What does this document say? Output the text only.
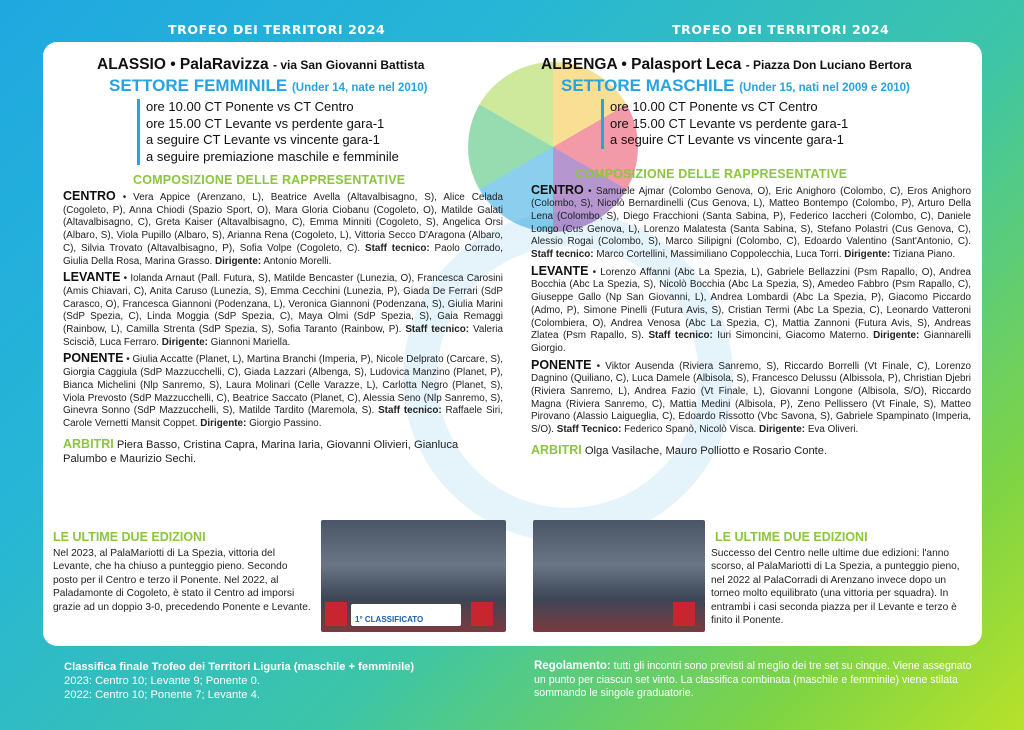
TROFEO DEI TERRITORI 2024	TROFEO DEI TERRITORI 2024
ALASSIO • PalaRavizza - via San Giovanni Battista
SETTORE FEMMINILE (Under 14, nate nel 2010)
ore 10.00 CT Ponente vs CT Centro
ore 15.00 CT Levante vs perdente gara-1
a seguire CT Levante vs vincente gara-1
a seguire premiazione maschile e femminile
COMPOSIZIONE DELLE RAPPRESENTATIVE
CENTRO • Vera Appice (Arenzano, L), Beatrice Avella (Altavalbisagno, S), Alice Celada (Cogoleto, P), Anna Chiodi (Spazio Sport, O), Mara Gloria Ciobanu (Cogoleto, O), Matilde Galati (Altavalbisagno, C), Greta Kaiser (Altavalbisagno, C), Emma Minniti (Cogoleto, S), Angelica Orsi (Albaro, S), Viola Pupillo (Albaro, S), Arianna Rena (Cogoleto, L), Vittoria Secco D'Aragona (Albaro, C), Silvia Trovato (Altavalbisagno, P), Sofia Volpe (Cogoleto, C). Staff tecnico: Paolo Corrado, Giulia Della Rosa, Marina Grasso. Dirigente: Antonio Morelli.
LEVANTE • Iolanda Arnaut (Pall. Futura, S), Matilde Bencaster (Lunezia, O), Francesca Carosini (Amis Chiavari, C), Anita Caruso (Lunezia, S), Emma Cecchini (Lunezia, P), Giada De Ferrari (SdP Carasco, O), Francesca Giannoni (Podenzana, L), Veronica Giannoni (Podenzana, S), Giulia Marini (SdP Spezia, C), Linda Moggia (SdP Spezia, C), Maya Olmi (SdP Spezia, S), Gaia Remaggi (Rainbow, L), Camilla Strenta (SdP Spezia, S), Sofia Taranto (Rainbow, P). Staff tecnico: Valeria Sciscið, Luca Ferraro. Dirigente: Giannoni Mariella.
PONENTE • Giulia Accatte (Planet, L), Martina Branchi (Imperia, P), Nicole Delprato (Carcare, S), Giorgia Caggiula (SdP Mazzucchelli, C), Giada Lazzari (Albenga, S), Ludovica Manzino (Planet, P), Bianca Michelini (Nlp Sanremo, S), Laura Molinari (Celle Varazze, L), Carlotta Negro (Planet, S), Viola Prevosto (SdP Mazzucchelli, C), Beatrice Saccato (Planet, C), Alessia Seno (Nlp Sanremo, S), Ginevra Sonno (SdP Mazzucchelli, S), Matilde Tardito (Maremola, S). Staff tecnico: Raffaele Siri, Carole Vernetti Mansit Coppet. Dirigente: Giorgio Passino.
ARBITRI Piera Basso, Cristina Capra, Marina Iaria, Giovanni Olivieri, Gianluca Palumbo e Maurizio Sechi.
ALBENGA • Palasport Leca - Piazza Don Luciano Bertora
SETTORE MASCHILE (Under 15, nati nel 2009 e 2010)
ore 10.00 CT Ponente vs CT Centro
ore 15.00 CT Levante vs perdente gara-1
a seguire CT Levante vs vincente gara-1
COMPOSIZIONE DELLE RAPPRESENTATIVE
CENTRO • Samuele Ajmar (Colombo Genova, O), Eric Anighoro (Colombo, C), Eros Anighoro (Colombo, S), Nicolò Bernardinelli (Cus Genova, L), Matteo Bontempo (Colombo, P), Arturo Della Lena (Colombo, S), Diego Fracchioni (Santa Sabina, P), Federico Iaccheri (Colombo, C), Daniele Longo (Cus Genova, L), Lorenzo Malatesta (Santa Sabina, S), Stefano Polastri (Cus Genova, C), Alessio Rogai (Colombo, S), Marco Silipigni (Colombo, C), Edoardo Valentino (Sant'Antonio, C). Staff tecnico: Marco Cortellini, Massimiliano Coppolecchia, Luca Torri. Dirigente: Tiziana Piano.
LEVANTE • Lorenzo Affanni (Abc La Spezia, L), Gabriele Bellazzini (Psm Rapallo, O), Andrea Bocchia (Abc La Spezia, S), Nicolò Bocchia (Abc La Spezia, S), Amedeo Fabbro (Psm Rapallo, C), Giuseppe Gallo (Np San Giovanni, L), Andrea Lombardi (Abc La Spezia, P), Giacomo Piccardo (Admo, P), Simone Pinelli (Futura Avis, S), Cristian Termi (Abc La Spezia, C), Leonardo Vatteroni (Colombiera, O), Andrea Venosa (Abc La Spezia, C), Mattia Zannoni (Futura Avis, S), Andreas Zlatea (Psm Rapallo, S). Staff tecnico: Iuri Simoncini, Giacomo Materno. Dirigente: Giannarelli Giorgio.
PONENTE • Viktor Ausenda (Riviera Sanremo, S), Riccardo Borrelli (Vt Finale, C), Lorenzo Dagnino (Quiliano, C), Luca Damele (Albisola, S), Francesco Delussu (Albissola, P), Christian Djebri (Riviera Sanremo, L), Andrea Fazio (Vt Finale, L), Giovanni Longone (Albisola, S/O), Riccardo Magna (Riviera Sanremo, C), Mattia Medini (Albisola, P), Zeno Pellissero (Vt Finale, S), Matteo Pirovano (Alassio Laigueglia, C), Edoardo Rissotto (Vbc Savona, S), Gabriele Spampinato (Imperia, S/O). Staff Tecnico: Federico Spanò, Nicolò Visca. Dirigente: Eva Oliveri.
ARBITRI Olga Vasilache, Mauro Polliotto e Rosario Conte.
LE ULTIME DUE EDIZIONI
Nel 2023, al PalaMariotti di La Spezia, vittoria del Levante, che ha chiuso a punteggio pieno. Secondo posto per il Centro e terzo il Ponente. Nel 2022, al Paladamonte di Cogoleto, è stato il Centro ad imporsi grazie ad un doppio 3-0, precedendo Ponente e Levante.
1° CLASSIFICATO
LE ULTIME DUE EDIZIONI
Successo del Centro nelle ultime due edizioni: l'anno scorso, al PalaMariotti di La Spezia, a punteggio pieno, nel 2022 al PalaCorradi di Arenzano invece dopo un torneo molto equilibrato (una vittoria per squadra). In entrambi i casi seconda piazza per il Levante e terzo è finito il Ponente.
Classifica finale Trofeo dei Territori Liguria (maschile + femminile)
2023: Centro 10; Levante 9; Ponente 0.
2022: Centro 10; Ponente 7; Levante 4.
Regolamento: tutti gli incontri sono previsti al meglio dei tre set su cinque. Viene assegnato un punto per ciascun set vinto. La classifica combinata (maschile e femminile) viene stilata sommando le singole graduatorie.
